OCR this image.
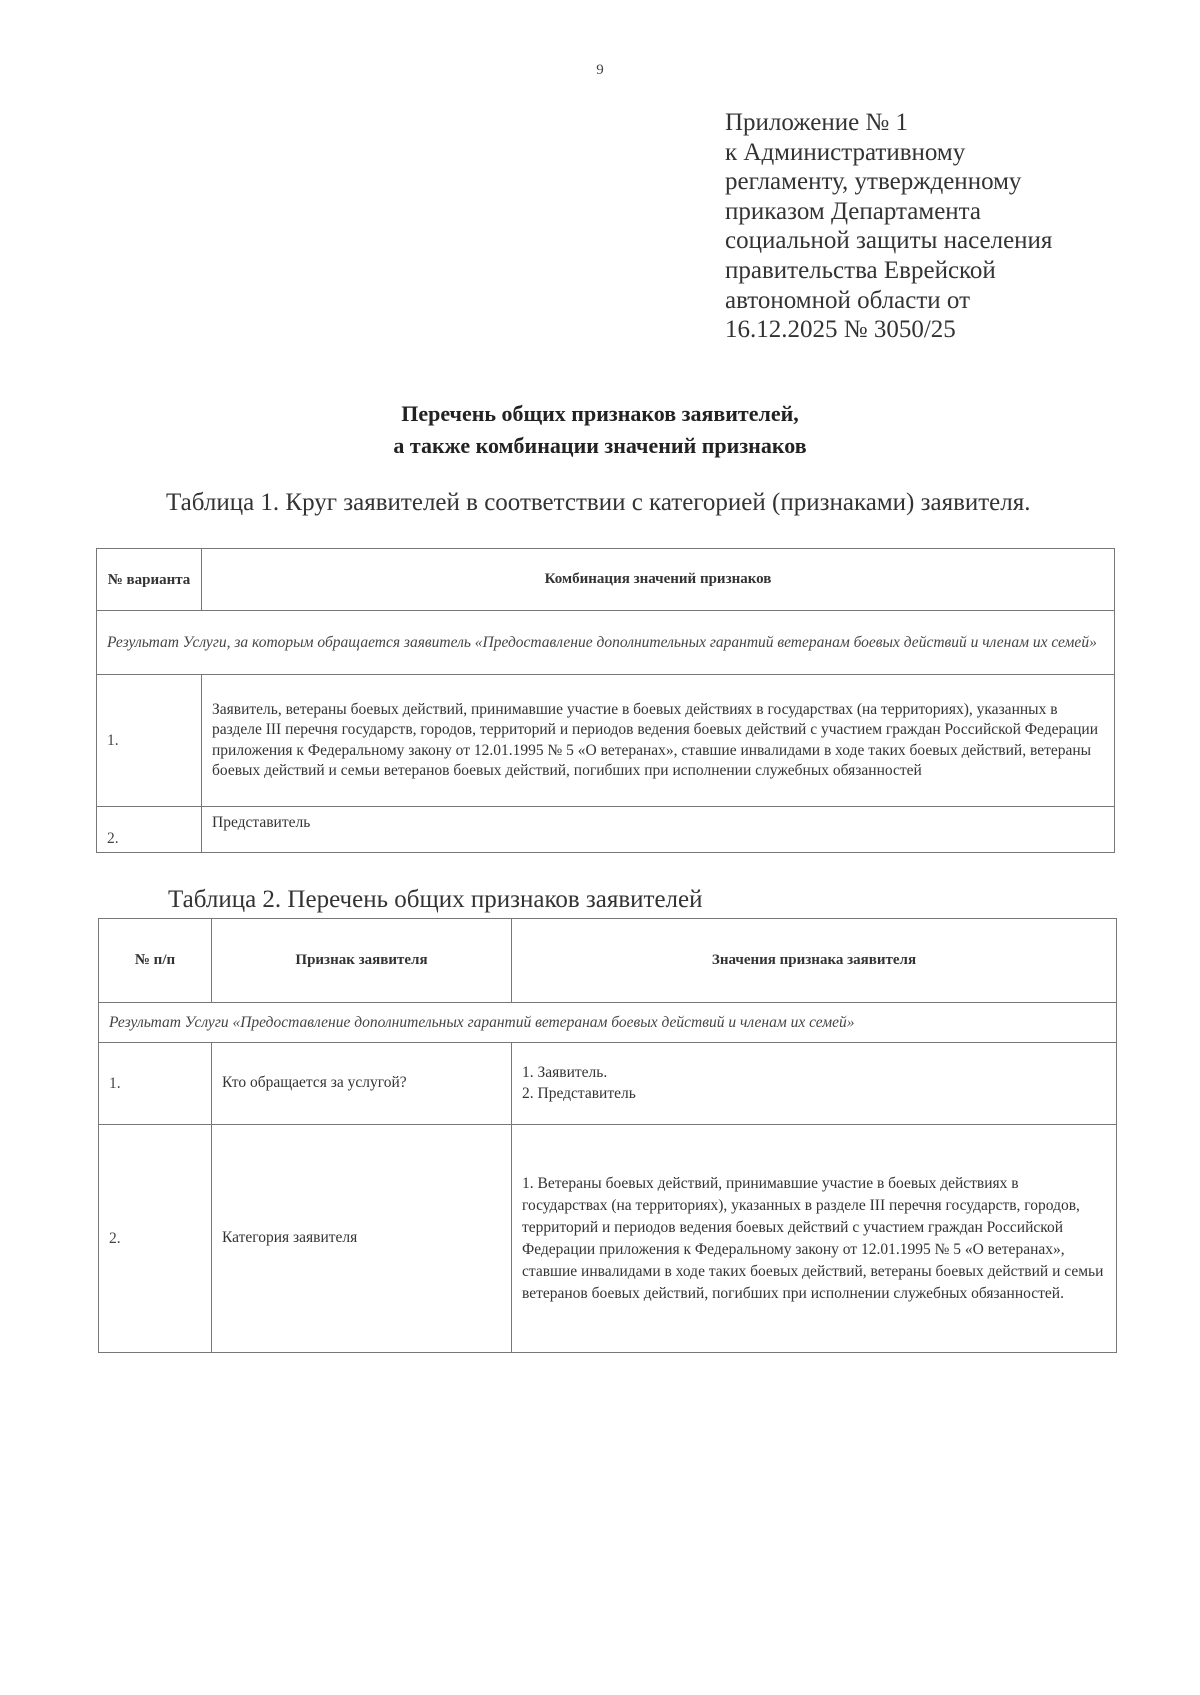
9
Приложение № 1
к Административному
регламенту, утвержденному
приказом Департамента
социальной защиты населения
правительства Еврейской
автономной области от
16.12.2025 № 3050/25
Перечень общих признаков заявителей,
а также комбинации значений признаков
Таблица 1. Круг заявителей в соответствии с категорией (признаками) заявителя.
№ варианта	Комбинация значений признаков
Результат Услуги, за которым обращается заявитель «Предоставление дополнительных гарантий ветеранам боевых действий и членам их семей»	
1.	Заявитель, ветераны боевых действий, принимавшие участие в боевых действиях в государствах (на территориях), указанных в разделе III перечня государств, городов, территорий и периодов ведения боевых действий с участием граждан Российской Федерации приложения к Федеральному закону от 12.01.1995 № 5 «О ветеранах», ставшие инвалидами в ходе таких боевых действий, ветераны боевых действий и семьи ветеранов боевых действий, погибших при исполнении служебных обязанностей
2.	Представитель
Таблица 2. Перечень общих признаков заявителей
№ п/п	Признак заявителя	Значения признака заявителя
Результат Услуги «Предоставление дополнительных гарантий ветеранам боевых действий и членам их семей»		
1.	Кто обращается за услугой?	1. Заявитель.
2. Представитель

2.	Категория заявителя	1. Ветераны боевых действий, принимавшие участие в боевых действиях в государствах (на территориях), указанных в разделе III перечня государств, городов, территорий и периодов ведения боевых действий с участием граждан Российской Федерации приложения к Федеральному закону от 12.01.1995 № 5 «О ветеранах», ставшие инвалидами в ходе таких боевых действий, ветераны боевых действий и семьи ветеранов боевых действий, погибших при исполнении служебных обязанностей.
